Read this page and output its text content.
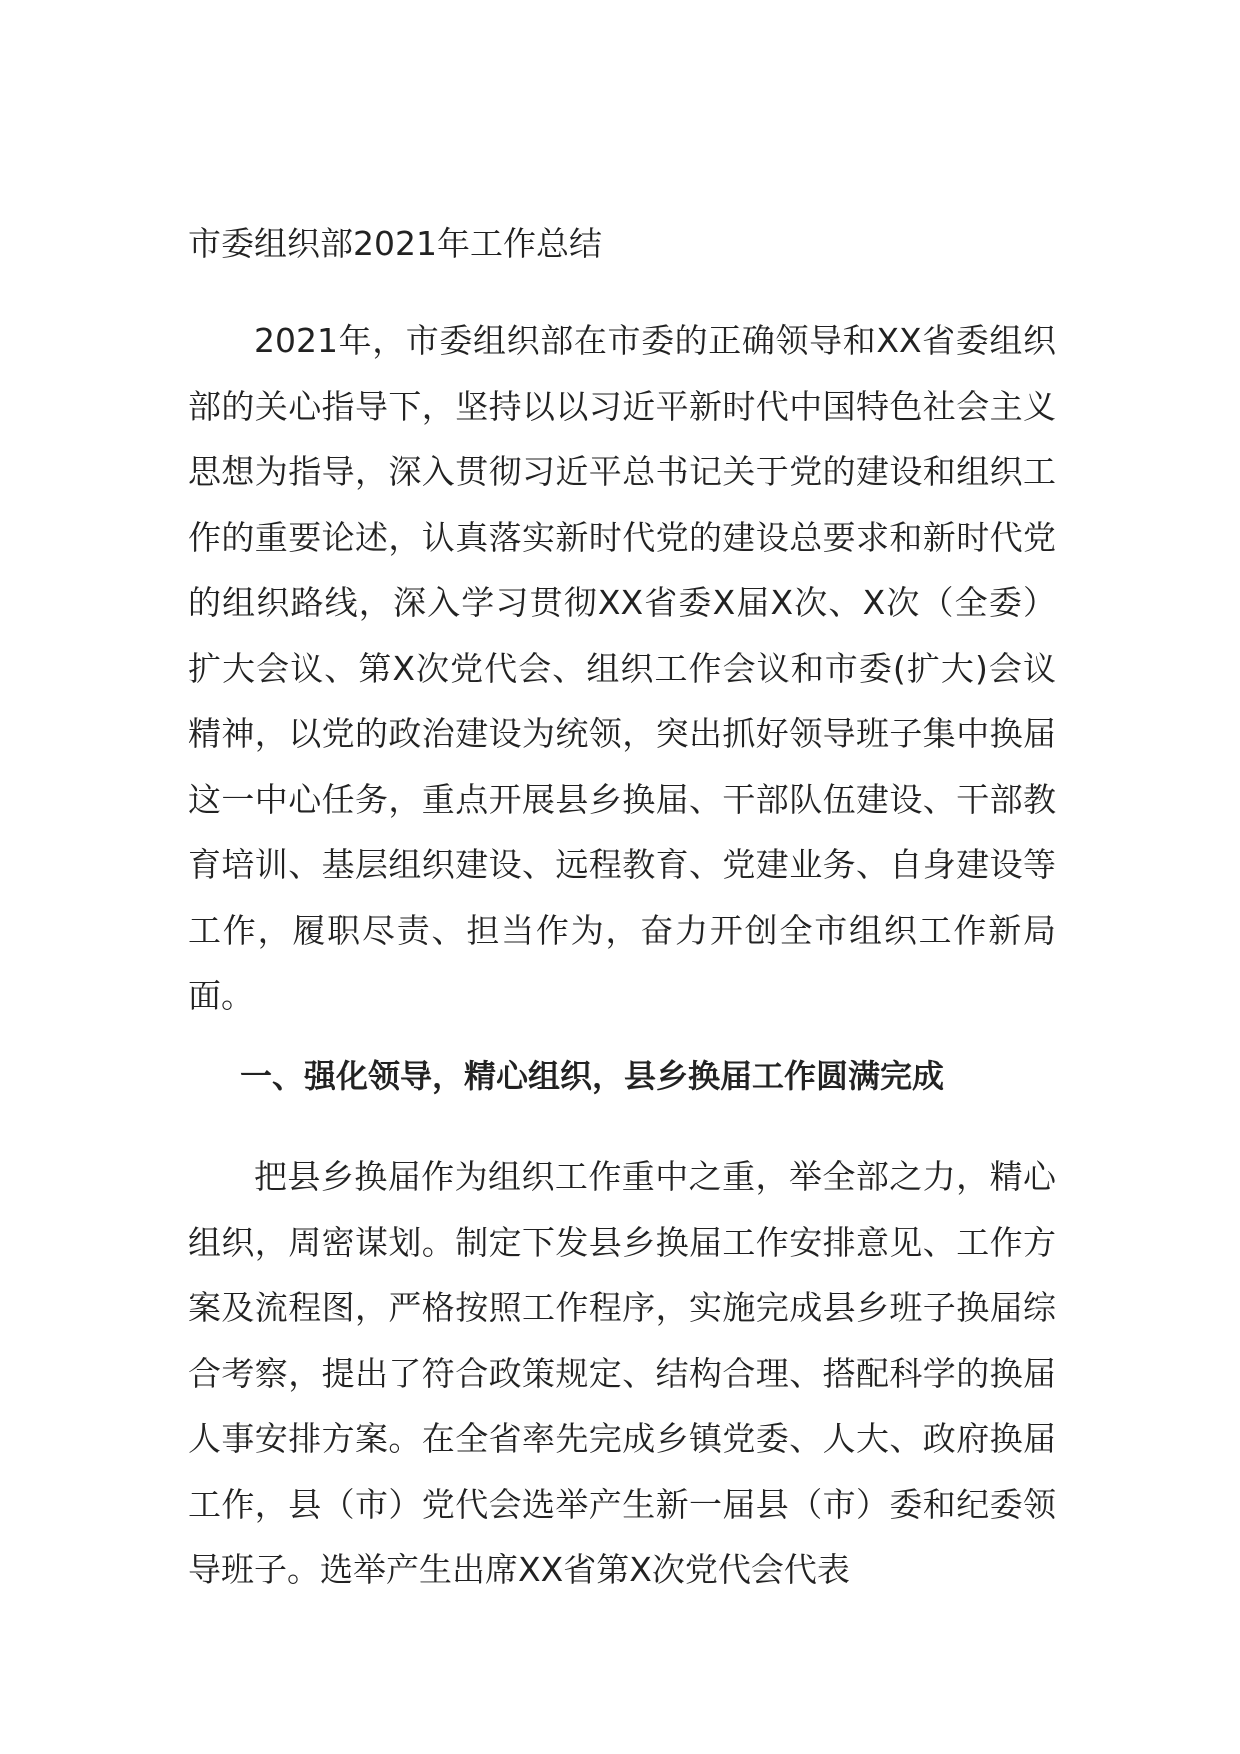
市委组织部2021年工作总结

2021年，市委组织部在市委的正确领导和XX省委组织部的关心指导下，坚持以以习近平新时代中国特色社会主义思想为指导，深入贯彻习近平总书记关于党的建设和组织工作的重要论述，认真落实新时代党的建设总要求和新时代党的组织路线，深入学习贯彻XX省委X届X次、X次（全委）扩大会议、第X次党代会、组织工作会议和市委(扩大)会议精神，以党的政治建设为统领，突出抓好领导班子集中换届这一中心任务，重点开展县乡换届、干部队伍建设、干部教育培训、基层组织建设、远程教育、党建业务、自身建设等工作，履职尽责、担当作为，奋力开创全市组织工作新局面。

一、强化领导，精心组织，县乡换届工作圆满完成

把县乡换届作为组织工作重中之重，举全部之力，精心组织，周密谋划。制定下发县乡换届工作安排意见、工作方案及流程图，严格按照工作程序，实施完成县乡班子换届综合考察，提出了符合政策规定、结构合理、搭配科学的换届人事安排方案。在全省率先完成乡镇党委、人大、政府换届工作，县（市）党代会选举产生新一届县（市）委和纪委领导班子。选举产生出席XX省第X次党代会代表
